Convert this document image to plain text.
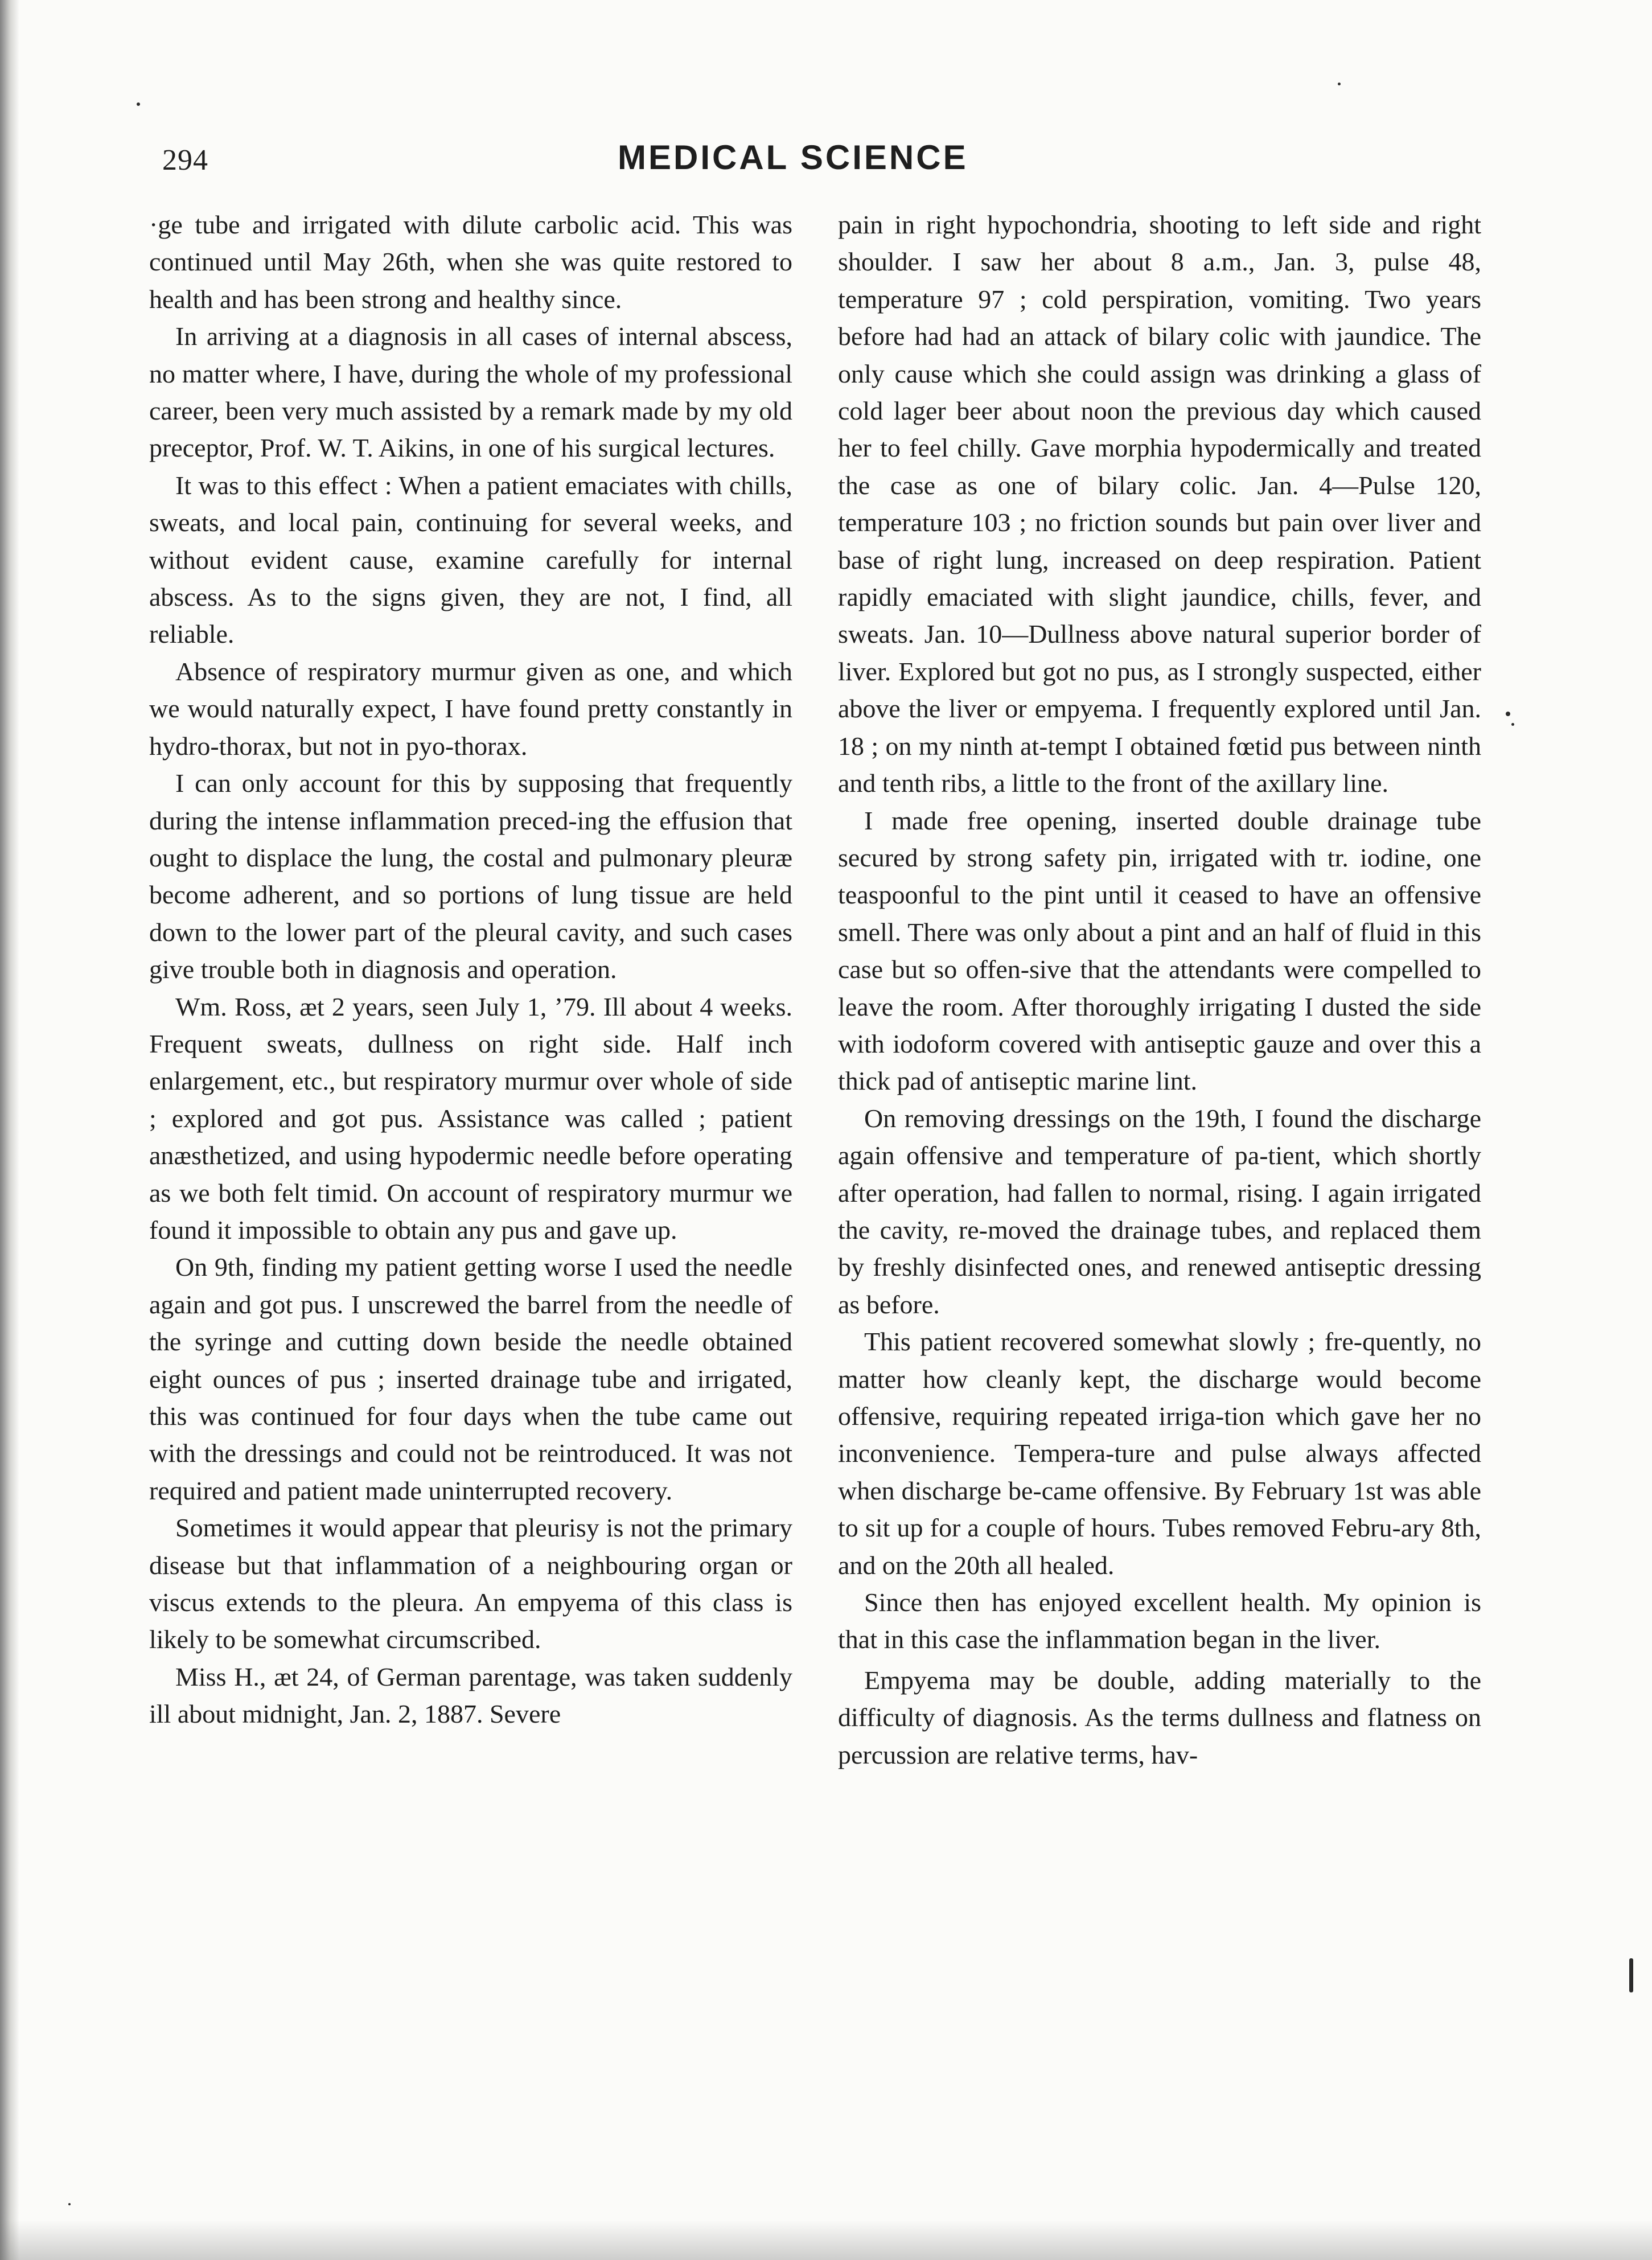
294	MEDICAL SCIENCE

·ge tube and irrigated with dilute carbolic acid. This was continued until May 26th, when she was quite restored to health and has been strong and healthy since.

In arriving at a diagnosis in all cases of internal abscess, no matter where, I have, during the whole of my professional career, been very much assisted by a remark made by my old preceptor, Prof. W. T. Aikins, in one of his surgical lectures.

It was to this effect : When a patient emaciates with chills, sweats, and local pain, continuing for several weeks, and without evident cause, examine carefully for internal abscess. As to the signs given, they are not, I find, all reliable.

Absence of respiratory murmur given as one, and which we would naturally expect, I have found pretty constantly in hydro-thorax, but not in pyo-thorax.

I can only account for this by supposing that frequently during the intense inflammation preced-ing the effusion that ought to displace the lung, the costal and pulmonary pleuræ become adherent, and so portions of lung tissue are held down to the lower part of the pleural cavity, and such cases give trouble both in diagnosis and operation.

Wm. Ross, æt 2 years, seen July 1, ’79. Ill about 4 weeks. Frequent sweats, dullness on right side. Half inch enlargement, etc., but respiratory murmur over whole of side ; explored and got pus. Assistance was called ; patient anæsthetized, and using hypodermic needle before operating as we both felt timid. On account of respiratory murmur we found it impossible to obtain any pus and gave up.

On 9th, finding my patient getting worse I used the needle again and got pus. I unscrewed the barrel from the needle of the syringe and cutting down beside the needle obtained eight ounces of pus ; inserted drainage tube and irrigated, this was continued for four days when the tube came out with the dressings and could not be reintroduced. It was not required and patient made uninterrupted recovery.

Sometimes it would appear that pleurisy is not the primary disease but that inflammation of a neighbouring organ or viscus extends to the pleura. An empyema of this class is likely to be somewhat circumscribed.

Miss H., æt 24, of German parentage, was taken suddenly ill about midnight, Jan. 2, 1887. Severe

pain in right hypochondria, shooting to left side and right shoulder. I saw her about 8 a.m., Jan. 3, pulse 48, temperature 97 ; cold perspiration, vomiting. Two years before had had an attack of bilary colic with jaundice. The only cause which she could assign was drinking a glass of cold lager beer about noon the previous day which caused her to feel chilly. Gave morphia hypodermically and treated the case as one of bilary colic. Jan. 4—Pulse 120, temperature 103 ; no friction sounds but pain over liver and base of right lung, increased on deep respiration. Patient rapidly emaciated with slight jaundice, chills, fever, and sweats. Jan. 10—Dullness above natural superior border of liver. Explored but got no pus, as I strongly suspected, either above the liver or empyema. I frequently explored until Jan. 18 ; on my ninth at-tempt I obtained fœtid pus between ninth and tenth ribs, a little to the front of the axillary line.

I made free opening, inserted double drainage tube secured by strong safety pin, irrigated with tr. iodine, one teaspoonful to the pint until it ceased to have an offensive smell. There was only about a pint and an half of fluid in this case but so offen-sive that the attendants were compelled to leave the room. After thoroughly irrigating I dusted the side with iodoform covered with antiseptic gauze and over this a thick pad of antiseptic marine lint.

On removing dressings on the 19th, I found the discharge again offensive and temperature of pa-tient, which shortly after operation, had fallen to normal, rising. I again irrigated the cavity, re-moved the drainage tubes, and replaced them by freshly disinfected ones, and renewed antiseptic dressing as before.

This patient recovered somewhat slowly ; fre-quently, no matter how cleanly kept, the discharge would become offensive, requiring repeated irriga-tion which gave her no inconvenience. Tempera-ture and pulse always affected when discharge be-came offensive. By February 1st was able to sit up for a couple of hours. Tubes removed Febru-ary 8th, and on the 20th all healed.

Since then has enjoyed excellent health. My opinion is that in this case the inflammation began in the liver.

Empyema may be double, adding materially to the difficulty of diagnosis. As the terms dullness and flatness on percussion are relative terms, hav-
